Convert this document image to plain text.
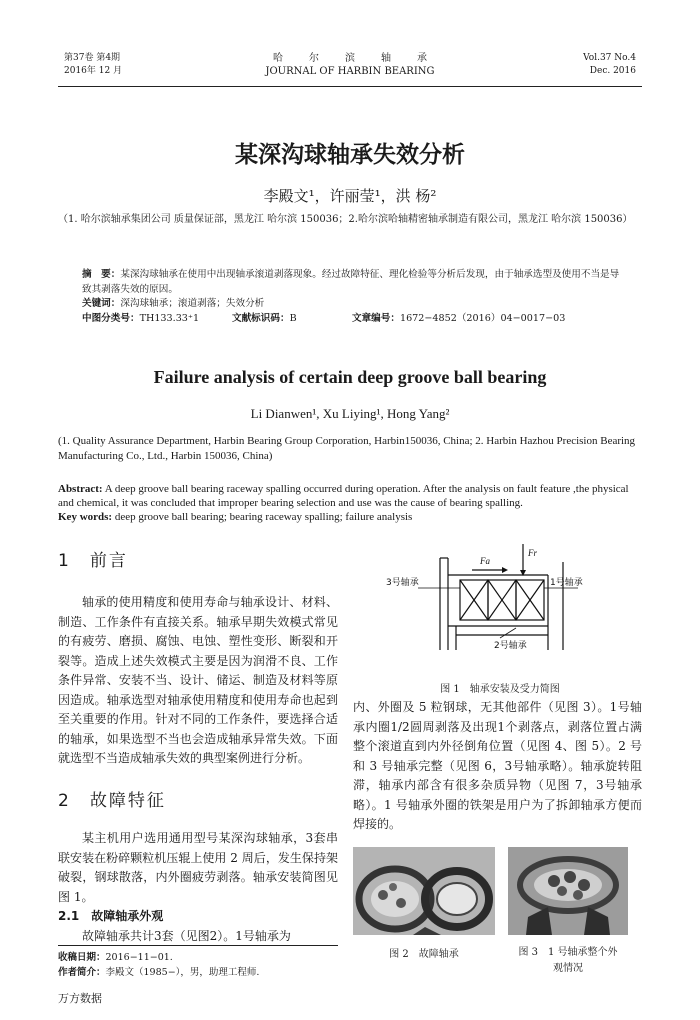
第37卷 第4期
2016年 12 月
哈尔滨轴承
JOURNAL OF HARBIN BEARING
Vol.37 No.4
Dec. 2016
某深沟球轴承失效分析
李殿文¹，许丽莹¹，洪 杨²
（1. 哈尔滨轴承集团公司 质量保证部，黑龙江 哈尔滨 150036；2.哈尔滨哈轴精密轴承制造有限公司，黑龙江 哈尔滨 150036）
摘　要：某深沟球轴承在使用中出现轴承滚道剥落现象。经过故障特征、理化检验等分析后发现，由于轴承选型及使用不当是导致其剥落失效的原因。
关键词：深沟球轴承；滚道剥落；失效分析
中图分类号：TH133.33⁺1	文献标识码：B	文章编号：1672−4852（2016）04−0017−03
Failure analysis of certain deep groove ball bearing
Li Dianwen¹, Xu Liying¹, Hong Yang²
(1. Quality Assurance Department, Harbin Bearing Group Corporation, Harbin150036, China; 2. Harbin Hazhou Precision Bearing Manufacturing Co., Ltd., Harbin 150036, China)
Abstract: A deep groove ball bearing raceway spalling occurred during operation. After the analysis on fault feature ,the physical and chemical, it was concluded that improper bearing selection and use was the cause of bearing spalling.
Key words: deep groove ball bearing; bearing raceway spalling; failure analysis
1　前言

轴承的使用精度和使用寿命与轴承设计、材料、制造、工作条件有直接关系。轴承早期失效模式常见的有疲劳、磨损、腐蚀、电蚀、塑性变形、断裂和开裂等。造成上述失效模式主要是因为润滑不良、工作条件异常、安装不当、设计、储运、制造及材料等原因造成。轴承选型对轴承使用精度和使用寿命也起到至关重要的作用。针对不同的工作条件，要选择合适的轴承，如果选型不当也会造成轴承异常失效。下面就选型不当造成轴承失效的典型案例进行分析。

2　故障特征

某主机用户选用通用型号某深沟球轴承，3套串联安装在粉碎颗粒机压辊上使用 2 周后，发生保持架破裂，钢球散落，内外圈疲劳剥落。轴承安装简图见图 1。

2.1　故障轴承外观

故障轴承共计3套（见图2）。1号轴承为

Fa
Fr
3号轴承	1号轴承
2号轴承
图 1　轴承安装及受力简图

内、外圈及 5 粒钢球，无其他部件（见图 3）。1号轴承内圈1/2圆周剥落及出现1个剥落点，剥落位置占满整个滚道直到内外径倒角位置（见图 4、图 5）。2 号和 3 号轴承完整（见图 6，3号轴承略）。轴承旋转阻滞，轴承内部含有很多杂质异物（见图 7，3号轴承略）。1 号轴承外圈的铁架是用户为了拆卸轴承方便而焊接的。

图 2　故障轴承	图 3　1 号轴承整个外
观情况
收稿日期：2016−11−01.
作者简介：李殿文（1985−），男，助理工程师.
万方数据
